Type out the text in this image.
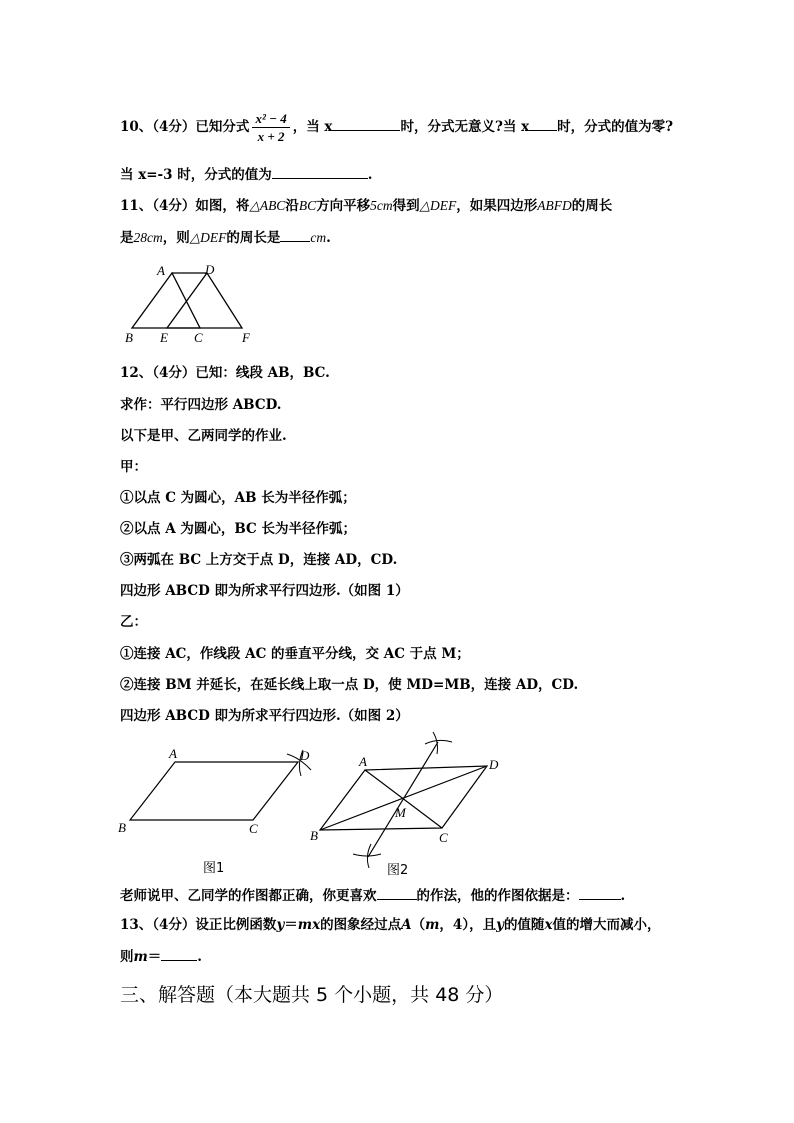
10、（4分）已知分式 $\frac{\text{x² − 4}}{x + 2}$ ，当 x	时，分式无意义?当 x 时，分式的值为零?
当 x=-3 时，分式的值为	.
11、（4分）如图，将△ABC沿BC方向平移5cm得到△DEF，如果四边形ABFD的周长
是28cm，则△DEF的周长是 cm.
A	D
B E C	F
12、（4分）已知：线段 AB，BC.
求作：平行四边形 ABCD.
以下是甲、乙两同学的作业.
甲：
①以点 C 为圆心，AB 长为半径作弧；
②以点 A 为圆心，BC 长为半径作弧；
③两弧在 BC 上方交于点 D，连接 AD，CD.
四边形 ABCD 即为所求平行四边形.（如图 1）
乙：
①连接 AC，作线段 AC 的垂直平分线，交 AC 于点 M；
②连接 BM 并延长，在延长线上取一点 D，使 MD=MB，连接 AD，CD.
四边形 ABCD 即为所求平行四边形.（如图 2）
A	D
B	C
图1
A	D
B	C
M
图2
老师说甲、乙同学的作图都正确，你更喜欢	的作法，他的作图依据是：	.
13、（4分）设正比例函数y＝mx的图象经过点A（m，4），且y的值随x值的增大而减小，
则m＝	.
三、解答题（本大题共 5 个小题，共 48 分）
